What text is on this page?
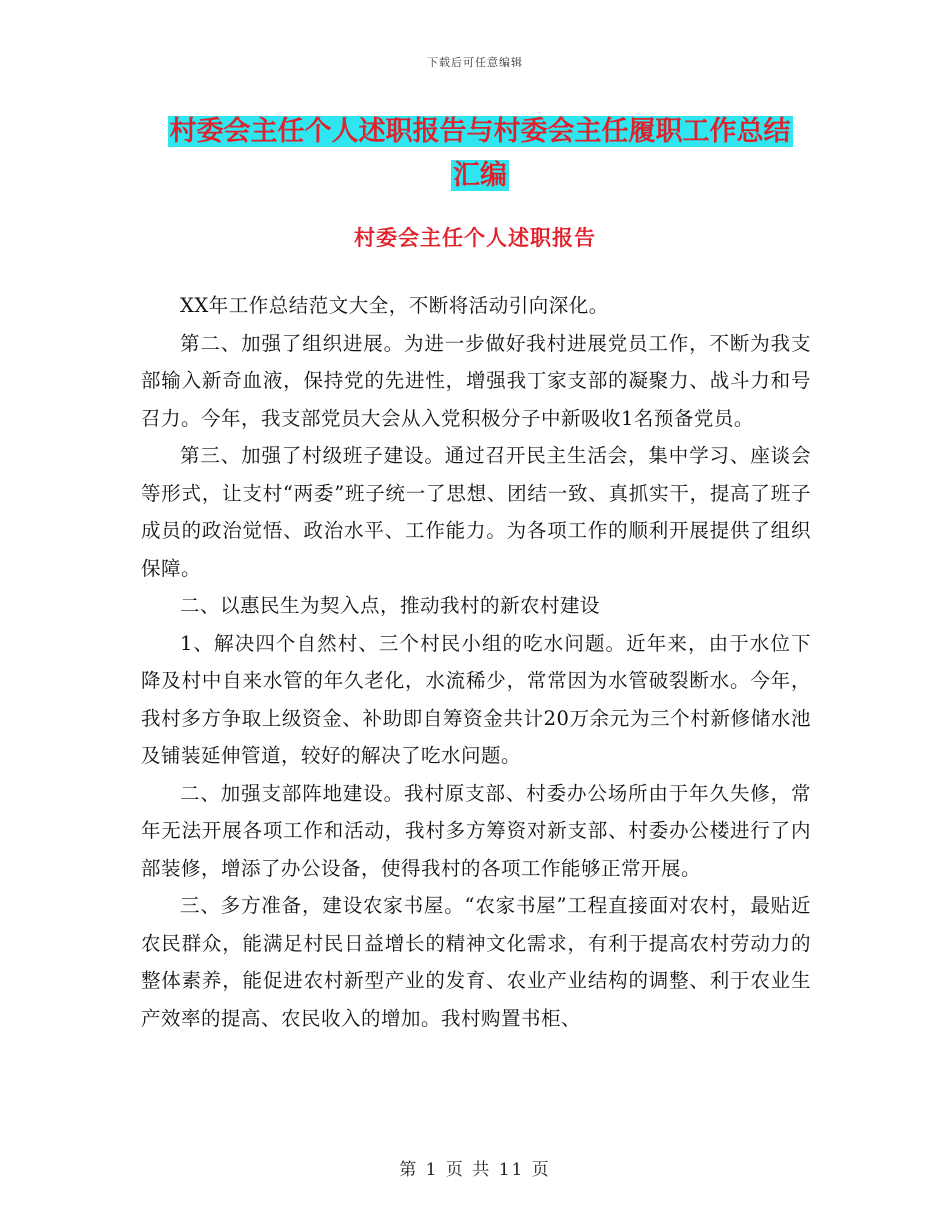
下载后可任意编辑
村委会主任个人述职报告与村委会主任履职工作总结
汇编
村委会主任个人述职报告

XX年工作总结范文大全，不断将活动引向深化。

第二、加强了组织进展。为进一步做好我村进展党员工作，不断为我支部输入新奇血液，保持党的先进性，增强我丁家支部的凝聚力、战斗力和号召力。今年，我支部党员大会从入党积极分子中新吸收1名预备党员。

第三、加强了村级班子建设。通过召开民主生活会，集中学习、座谈会等形式，让支村“两委”班子统一了思想、团结一致、真抓实干，提高了班子成员的政治觉悟、政治水平、工作能力。为各项工作的顺利开展提供了组织保障。

二、以惠民生为契入点，推动我村的新农村建设

1、解决四个自然村、三个村民小组的吃水问题。近年来，由于水位下降及村中自来水管的年久老化，水流稀少，常常因为水管破裂断水。今年，我村多方争取上级资金、补助即自筹资金共计20万余元为三个村新修储水池及铺装延伸管道，较好的解决了吃水问题。

二、加强支部阵地建设。我村原支部、村委办公场所由于年久失修，常年无法开展各项工作和活动，我村多方筹资对新支部、村委办公楼进行了内部装修，增添了办公设备，使得我村的各项工作能够正常开展。

三、多方准备，建设农家书屋。“农家书屋”工程直接面对农村，最贴近农民群众，能满足村民日益增长的精神文化需求，有利于提高农村劳动力的整体素养，能促进农村新型产业的发育、农业产业结构的调整、利于农业生产效率的提高、农民收入的增加。我村购置书柜、

第 1 页 共 11 页
